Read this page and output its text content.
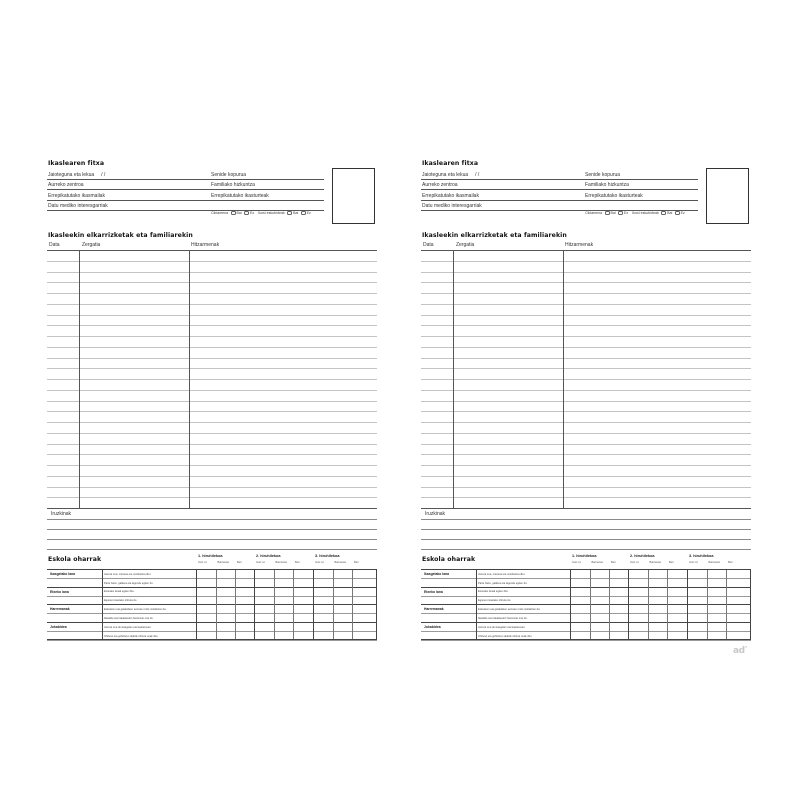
Ikaslearen fitxa
Jaioteguna eta lekua / /	Senide kopurua
Aurreko zentroa	Familiako hizkuntza
Errepikatutako ikasmailak	Errepikatutako ikasturteak
Datu mediko interesgarriak
Ciktamena Bai Ez Ikusi eskubideak Bai Ez
Ikasleekin elkarrizketak eta familiarekin
Data	Zergatia	Hitzarmenak
Iruzkinak
Eskola oharrak	1. hiruhilekoa
Inoiz ez	Batzuetan	Beti
2. hiruhilekoa
Inoiz ez	Batzuetan	Beti
3. hiruhilekoa
Inoiz ez	Batzuetan	Beti
Ikasgelako lana	Jarrera ona, interesa eta motibazioa ditu.
Parte hartu, galdera eta lagundu egiten du.
Etxeko lana	Etxerako lanak egiten ditu.
Egunero ikasteko ohitura du.
Harremanak	Eskolaren eta gelakideen aurrean ondo moldatzen da.
Ikaskide eta irakasleekin harreman ona du.
Jokabidea	Jarrera ona du ikasgelan eta ikastetxean.
Ohiturei eta gehitzeun aldetik ohitura onak ditu.
Ikaslearen fitxa
Jaioteguna eta lekua / /	Senide kopurua
Aurreko zentroa	Familiako hizkuntza
Errepikatutako ikasmailak	Errepikatutako ikasturteak
Datu mediko interesgarriak
Ciktamena Bai Ez Ikusi eskubideak Bai Ez
Ikasleekin elkarrizketak eta familiarekin
Data	Zergatia	Hitzarmenak
Iruzkinak
Eskola oharrak	1. hiruhilekoa
Inoiz ez	Batzuetan	Beti
2. hiruhilekoa
Inoiz ez	Batzuetan	Beti
3. hiruhilekoa
Inoiz ez	Batzuetan	Beti
Ikasgelako lana	Jarrera ona, interesa eta motibazioa ditu.
Parte hartu, galdera eta lagundu egiten du.
Etxeko lana	Etxerako lanak egiten ditu.
Egunero ikasteko ohitura du.
Harremanak	Eskolaren eta gelakideen aurrean ondo moldatzen da.
Ikaskide eta irakasleekin harreman ona du.
Jokabidea	Jarrera ona du ikasgelan eta ikastetxean.
Ohiturei eta gehitzeun aldetik ohitura onak ditu.
ad®
